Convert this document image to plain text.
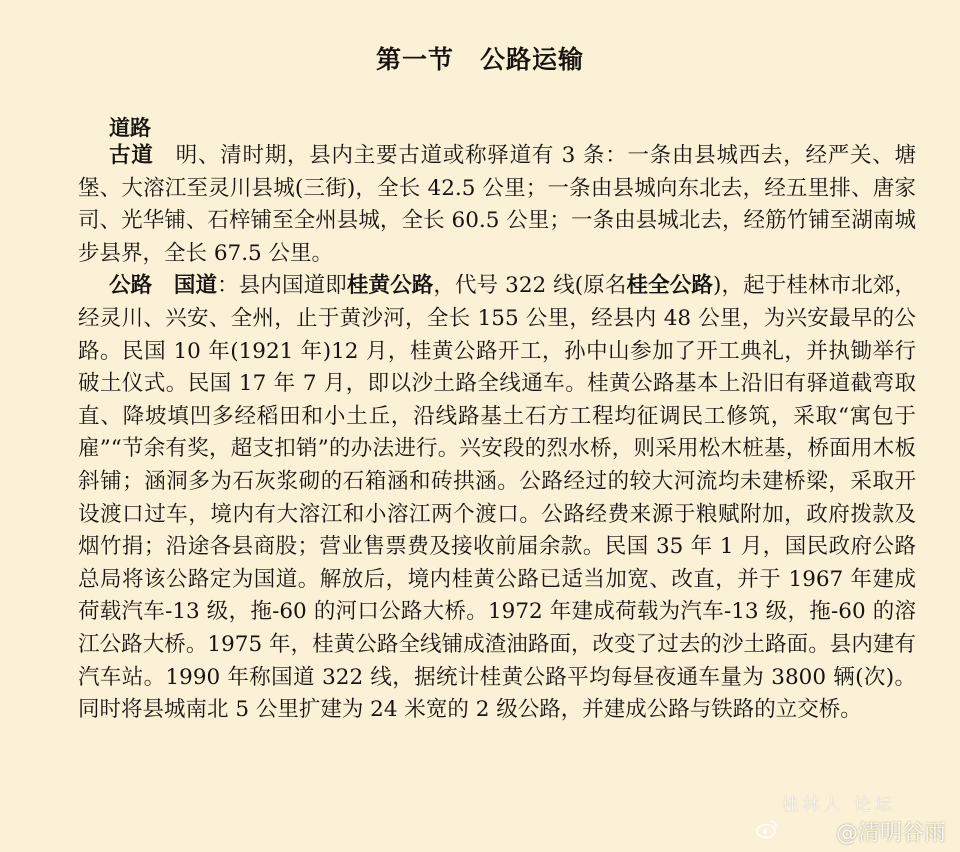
第一节　公路运输
道路

古道　明、清时期，县内主要古道或称驿道有 3 条：一条由县城西去，经严关、塘堡、大溶江至灵川县城(三街)，全长 42.5 公里；一条由县城向东北去，经五里排、唐家司、光华铺、石梓铺至全州县城，全长 60.5 公里；一条由县城北去，经筋竹铺至湖南城步县界，全长 67.5 公里。

公路　国道：县内国道即桂黄公路，代号 322 线(原名桂全公路)，起于桂林市北郊，经灵川、兴安、全州，止于黄沙河，全长 155 公里，经县内 48 公里，为兴安最早的公路。民国 10 年(1921 年)12 月，桂黄公路开工，孙中山参加了开工典礼，并执锄举行破土仪式。民国 17 年 7 月，即以沙土路全线通车。桂黄公路基本上沿旧有驿道截弯取直、降坡填凹多经稻田和小土丘，沿线路基土石方工程均征调民工修筑，采取“寓包于雇”“节余有奖，超支扣销”的办法进行。兴安段的烈水桥，则采用松木桩基，桥面用木板斜铺；涵洞多为石灰浆砌的石箱涵和砖拱涵。公路经过的较大河流均未建桥梁，采取开设渡口过车，境内有大溶江和小溶江两个渡口。公路经费来源于粮赋附加，政府拨款及烟竹捐；沿途各县商股；营业售票费及接收前届余款。民国 35 年 1 月，国民政府公路总局将该公路定为国道。解放后，境内桂黄公路已适当加宽、改直，并于 1967 年建成荷载汽车-13 级，拖-60 的河口公路大桥。1972 年建成荷载为汽车-13 级，拖-60 的溶江公路大桥。1975 年，桂黄公路全线铺成渣油路面，改变了过去的沙土路面。县内建有汽车站。1990 年称国道 322 线，据统计桂黄公路平均每昼夜通车量为 3800 辆(次)。同时将县城南北 5 公里扩建为 24 米宽的 2 级公路，并建成公路与铁路的立交桥。

桂林人 论坛
@清明谷雨
